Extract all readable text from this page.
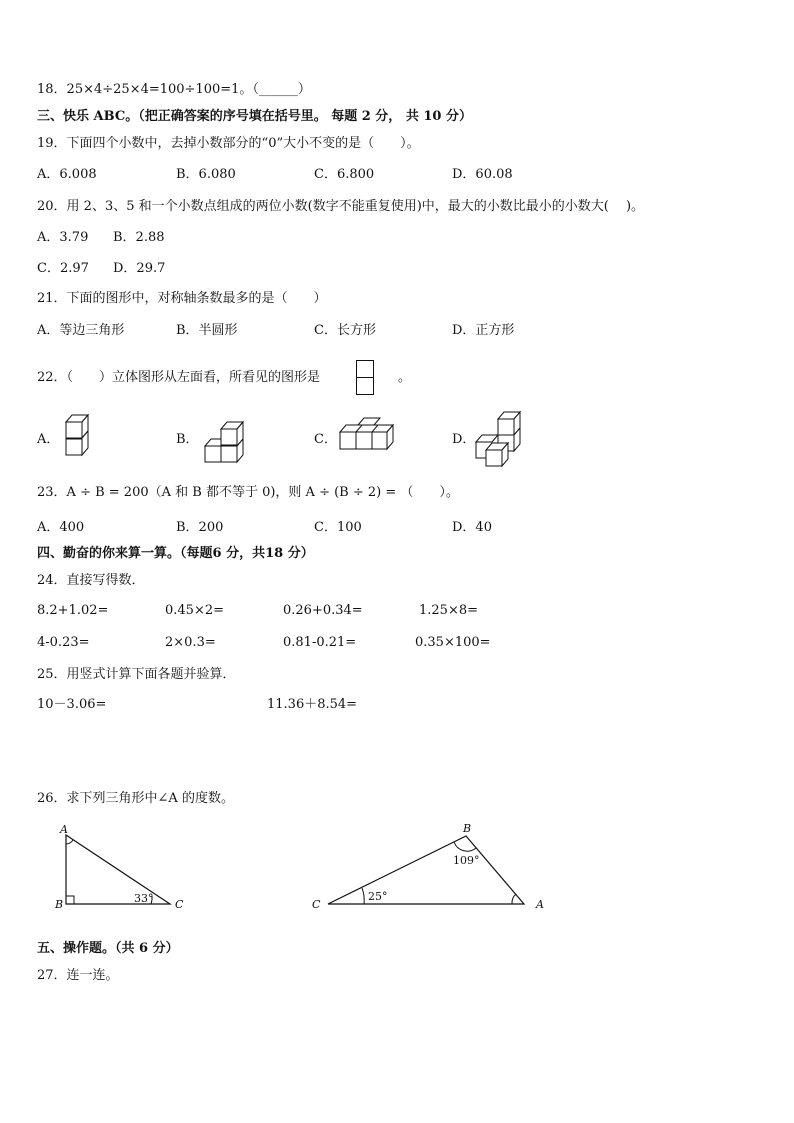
18．25×4÷25×4=100÷100=1。（______）
三、快乐 ABC。（把正确答案的序号填在括号里。 每题 2 分， 共 10 分）
19．下面四个小数中，去掉小数部分的“0”大小不变的是（　　）。
A．6.008	B．6.080	C．6.800	D．60.08
20．用 2、3、5 和一个小数点组成的两位小数(数字不能重复使用)中，最大的小数比最小的小数大(　 )。
A．3.79 B．2.88
C．2.97 D．29.7
21．下面的图形中，对称轴条数最多的是（　　）
A．等边三角形	B．半圆形	C．长方形	D．正方形
22．（　　）立体图形从左面看，所看见的图形是	。
A．	B．	C．	D．
23．A ÷ B = 200（A 和 B 都不等于 0)，则 A ÷ (B ÷ 2) = （　　）。
A．400	B．200	C．100	D．40
四、勤奋的你来算一算。（每题6 分，共18 分）
24．直接写得数．
8.2+1.02=	0.45×2=	0.26+0.34=	1.25×8=
4-0.23=	2×0.3=	0.81-0.21=	0.35×100=
25．用竖式计算下面各题并验算．
10－3.06=	11.36＋8.54=
26．求下列三角形中∠A 的度数。
A
B	C
33°
B
C	A
109°
25°
五、操作题。（共 6 分）
27．连一连。
